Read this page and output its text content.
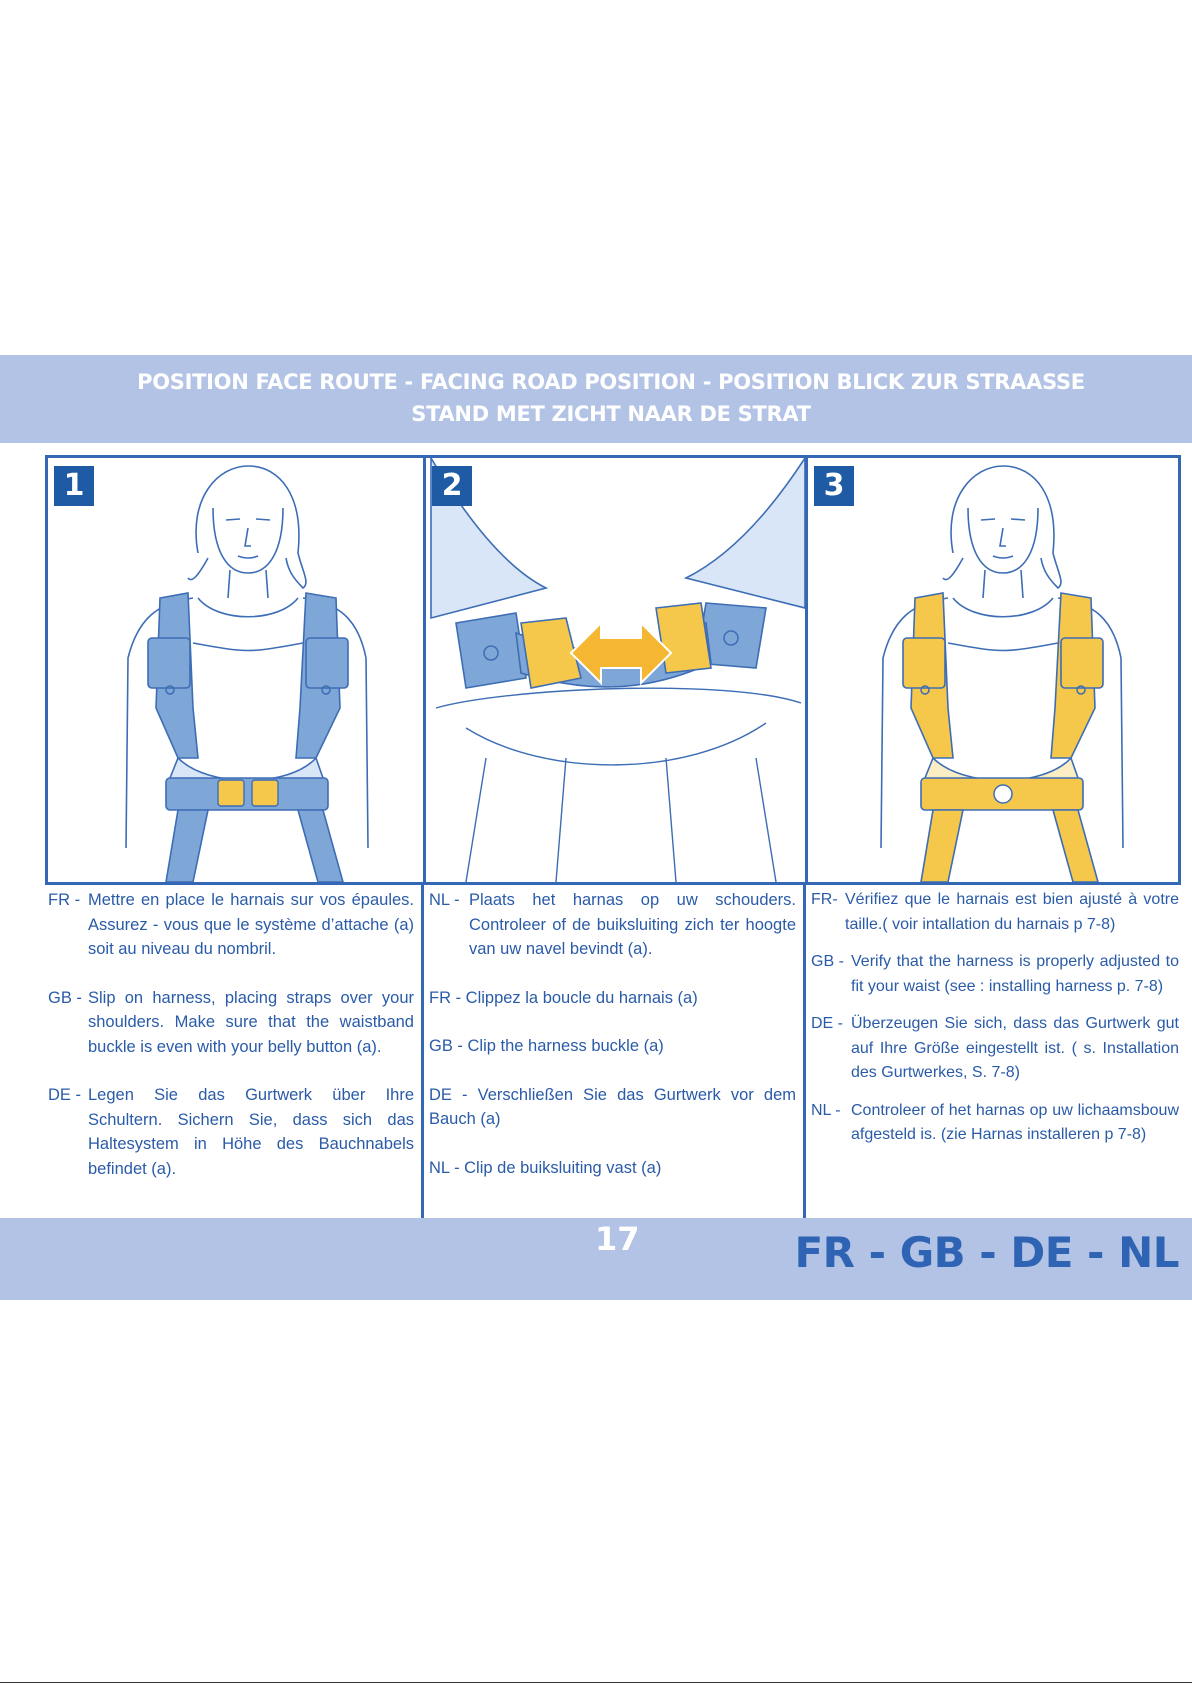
POSITION FACE ROUTE - FACING ROAD POSITION - POSITION BLICK ZUR STRAASSE
STAND MET ZICHT NAAR DE STRAT
1	2	3
FR - Mettre en place le harnais sur vos épaules. Assurez - vous que le système d’attache (a) soit au niveau du nombril.
GB - Slip on harness, placing straps over your shoulders. Make sure that the waistband buckle is even with your belly button (a).
DE - Legen Sie das Gurtwerk über Ihre Schultern. Sichern Sie, dass sich das Haltesystem in Höhe des Bauchnabels befindet (a).
NL - Plaats het harnas op uw schouders. Controleer of de buiksluiting zich ter hoogte van uw navel bevindt (a).
FR - Clippez la boucle du harnais (a)
GB - Clip the harness buckle (a)
DE - Verschließen Sie das Gurtwerk vor dem Bauch (a)
NL - Clip de buiksluiting vast (a)
FR- Vérifiez que le harnais est bien ajusté à votre taille.( voir intallation du harnais p 7-8)
GB - Verify that the harness is properly adjusted to fit your waist (see : installing harness p. 7-8)
DE - Überzeugen Sie sich, dass das Gurtwerk gut auf Ihre Größe eingestellt ist. ( s. Installation des Gurtwerkes, S. 7-8)
NL - Controleer of het harnas op uw lichaamsbouw afgesteld is. (zie Harnas installeren p 7-8)
17	FR - GB - DE - NL
